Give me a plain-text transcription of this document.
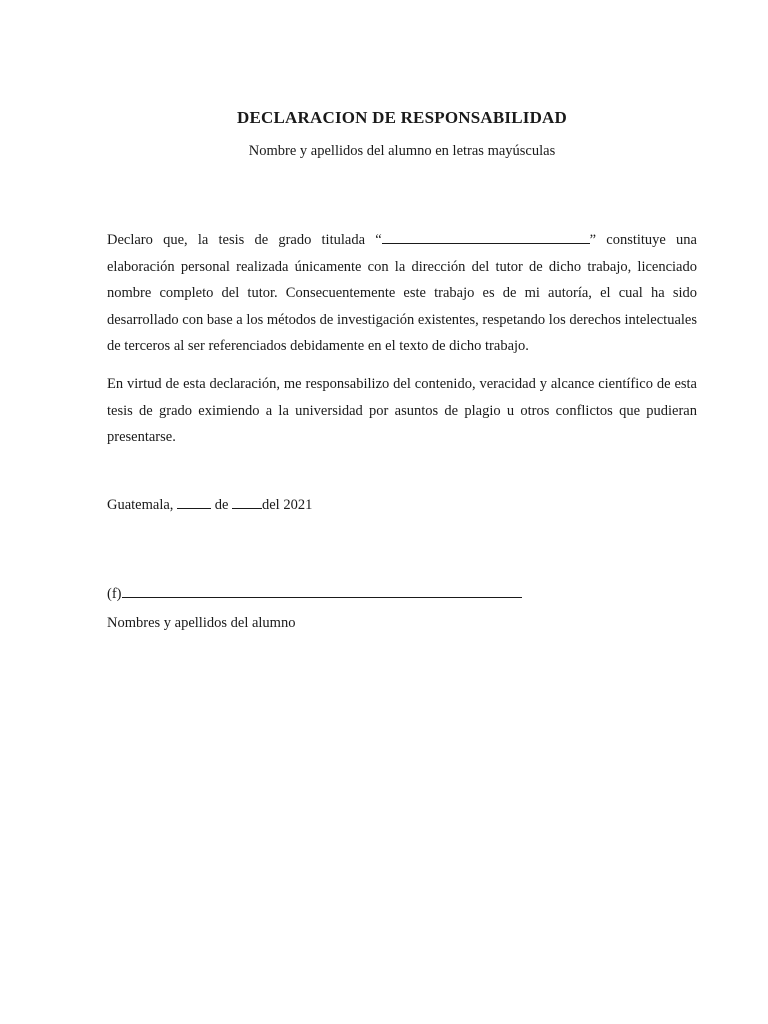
DECLARACION DE RESPONSABILIDAD
Nombre y apellidos del alumno en letras mayúsculas
Declaro que, la tesis de grado titulada “	” constituye una elaboración personal realizada únicamente con la dirección del tutor de dicho trabajo, licenciado nombre completo del tutor. Consecuentemente este trabajo es de mi autoría, el cual ha sido desarrollado con base a los métodos de investigación existentes, respetando los derechos intelectuales de terceros al ser referenciados debidamente en el texto de dicho trabajo.
En virtud de esta declaración, me responsabilizo del contenido, veracidad y alcance científico de esta tesis de grado eximiendo a la universidad por asuntos de plagio u otros conflictos que pudieran presentarse.
Guatemala,  de del 2021
(f)
Nombres y apellidos del alumno
